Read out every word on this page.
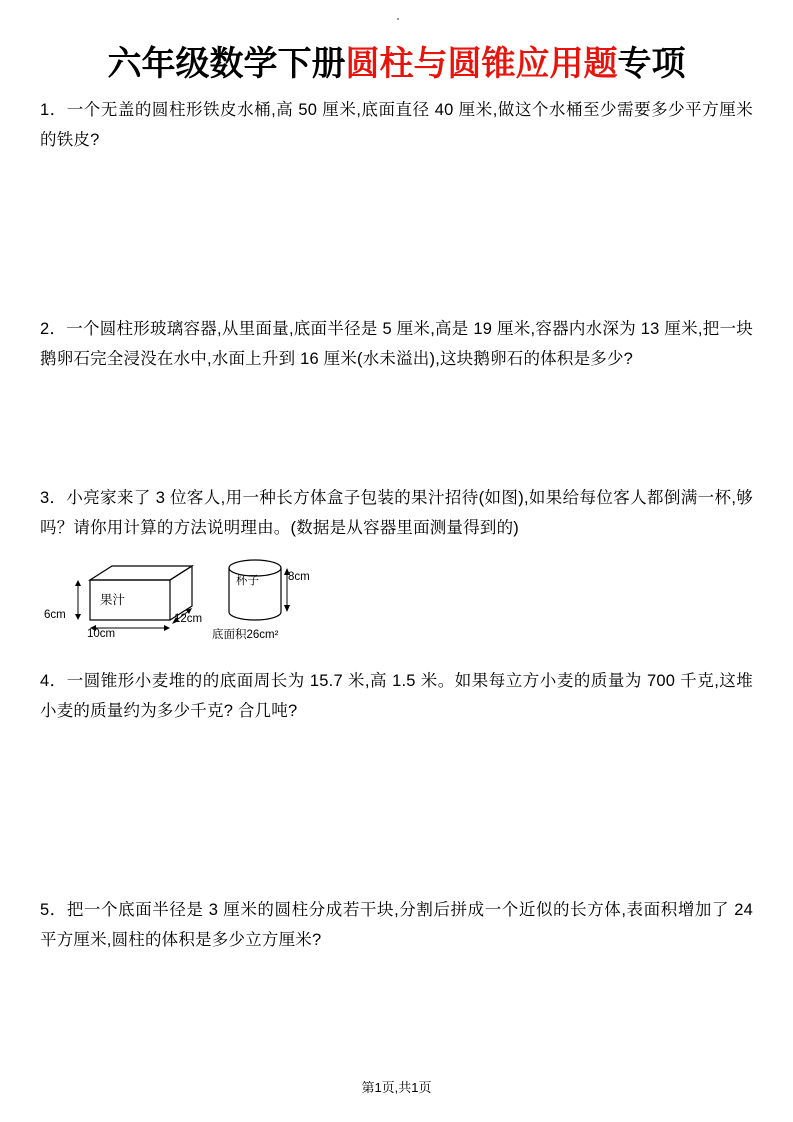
六年级数学下册圆柱与圆锥应用题专项

1．一个无盖的圆柱形铁皮水桶,高 50 厘米,底面直径 40 厘米,做这个水桶至少需要多少平方厘米的铁皮?

2．一个圆柱形玻璃容器,从里面量,底面半径是 5 厘米,高是 19 厘米,容器内水深为 13 厘米,把一块鹅卵石完全浸没在水中,水面上升到 16 厘米(水未溢出),这块鹅卵石的体积是多少?

3．小亮家来了 3 位客人,用一种长方体盒子包装的果汁招待(如图),如果给每位客人都倒满一杯,够吗？请你用计算的方法说明理由。(数据是从容器里面测量得到的)

6cm
果汁
10cm
12cm
杯子	8cm
底面积26cm²

4．一圆锥形小麦堆的的底面周长为 15.7 米,高 1.5 米。如果每立方小麦的质量为 700 千克,这堆小麦的质量约为多少千克? 合几吨?

5．把一个底面半径是 3 厘米的圆柱分成若干块,分割后拼成一个近似的长方体,表面积增加了 24 平方厘米,圆柱的体积是多少立方厘米?

第1页,共1页
